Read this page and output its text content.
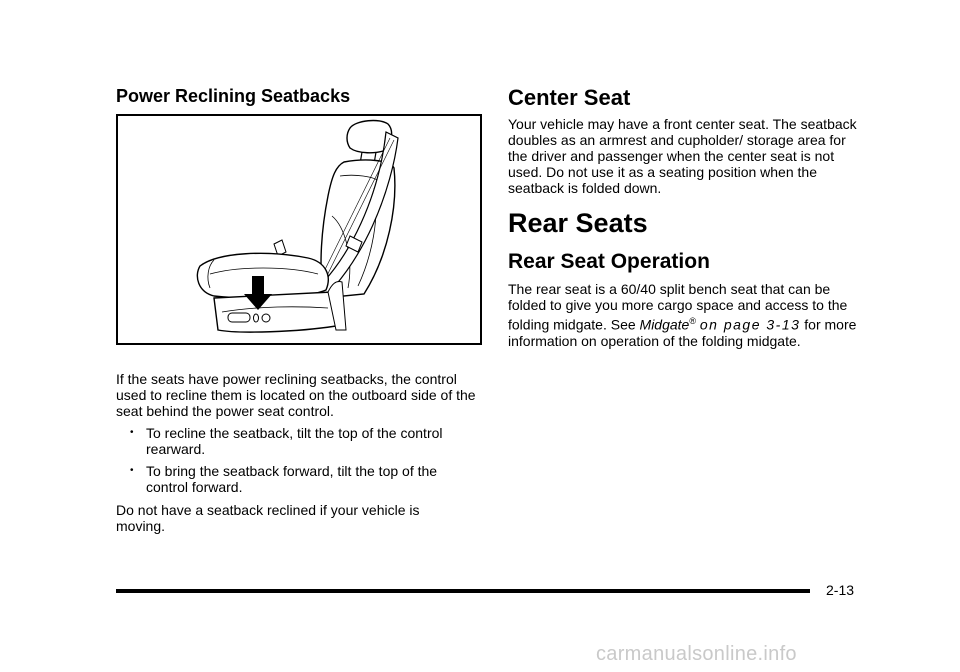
Power Reclining Seatbacks

If the seats have power reclining seatbacks, the control used to recline them is located on the outboard side of the seat behind the power seat control.

• To recline the seatback, tilt the top of the control rearward.
• To bring the seatback forward, tilt the top of the control forward.

Do not have a seatback reclined if your vehicle is moving.

Center Seat

Your vehicle may have a front center seat. The seatback doubles as an armrest and cupholder/ storage area for the driver and passenger when the center seat is not used. Do not use it as a seating position when the seatback is folded down.

Rear Seats
Rear Seat Operation

The rear seat is a 60/40 split bench seat that can be folded to give you more cargo space and access to the folding midgate. See Midgate® on page 3-13 for more information on operation of the folding midgate.

2-13
carmanualsonline.info
